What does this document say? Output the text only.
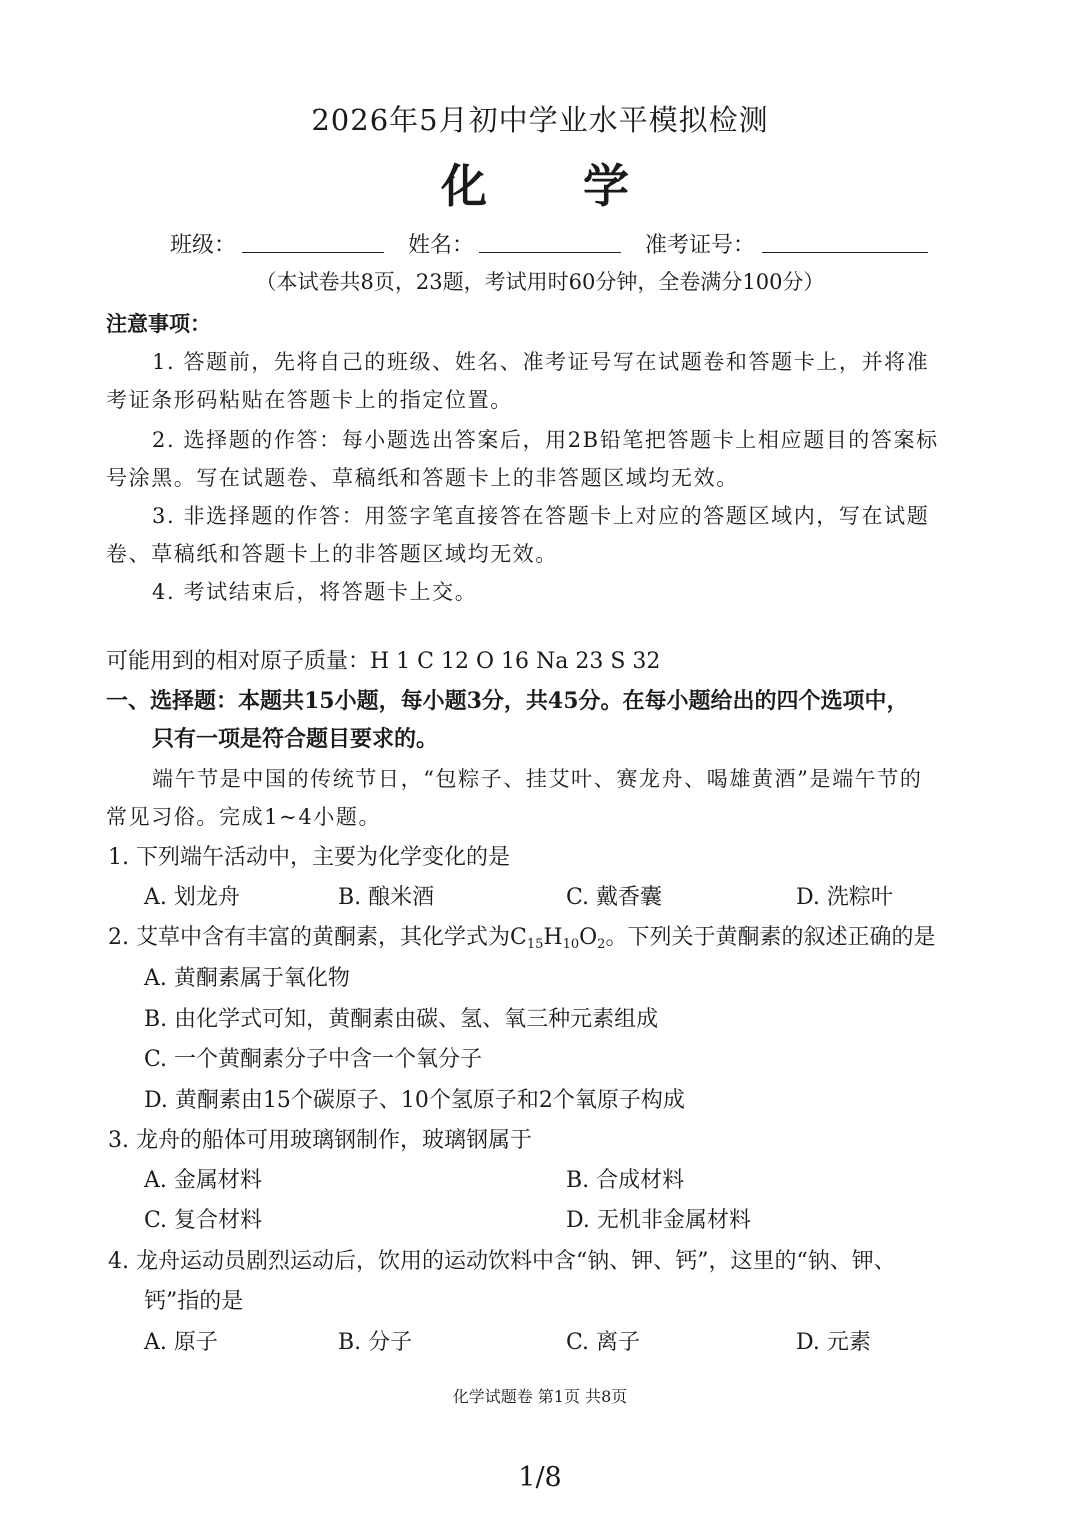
2026年5月初中学业水平模拟检测
化 学
班级：	姓名：	准考证号：
（本试卷共8页，23题，考试用时60分钟，全卷满分100分）
注意事项：
1. 答题前，先将自己的班级、姓名、准考证号写在试题卷和答题卡上，并将准
考证条形码粘贴在答题卡上的指定位置。
2. 选择题的作答：每小题选出答案后，用2B铅笔把答题卡上相应题目的答案标
号涂黑。写在试题卷、草稿纸和答题卡上的非答题区域均无效。
3. 非选择题的作答：用签字笔直接答在答题卡上对应的答题区域内，写在试题
卷、草稿纸和答题卡上的非答题区域均无效。
4. 考试结束后，将答题卡上交。
可能用到的相对原子质量：H 1 C 12 O 16 Na 23 S 32
一、选择题：本题共15小题，每小题3分，共45分。在每小题给出的四个选项中，
只有一项是符合题目要求的。
端午节是中国的传统节日，“包粽子、挂艾叶、赛龙舟、喝雄黄酒”是端午节的
常见习俗。完成1~4小题。
1. 下列端午活动中，主要为化学变化的是
A. 划龙舟	B. 酿米酒	C. 戴香囊	D. 洗粽叶
2. 艾草中含有丰富的黄酮素，其化学式为$C_{15}H_{10}O_2$。下列关于黄酮素的叙述正确的是
A. 黄酮素属于氧化物
B. 由化学式可知，黄酮素由碳、氢、氧三种元素组成
C. 一个黄酮素分子中含一个氧分子
D. 黄酮素由15个碳原子、10个氢原子和2个氧原子构成
3. 龙舟的船体可用玻璃钢制作，玻璃钢属于
A. 金属材料	B. 合成材料
C. 复合材料	D. 无机非金属材料
4. 龙舟运动员剧烈运动后，饮用的运动饮料中含“钠、钾、钙”，这里的“钠、钾、
钙”指的是
A. 原子	B. 分子	C. 离子	D. 元素
化学试题卷 第1页 共8页
1/8
